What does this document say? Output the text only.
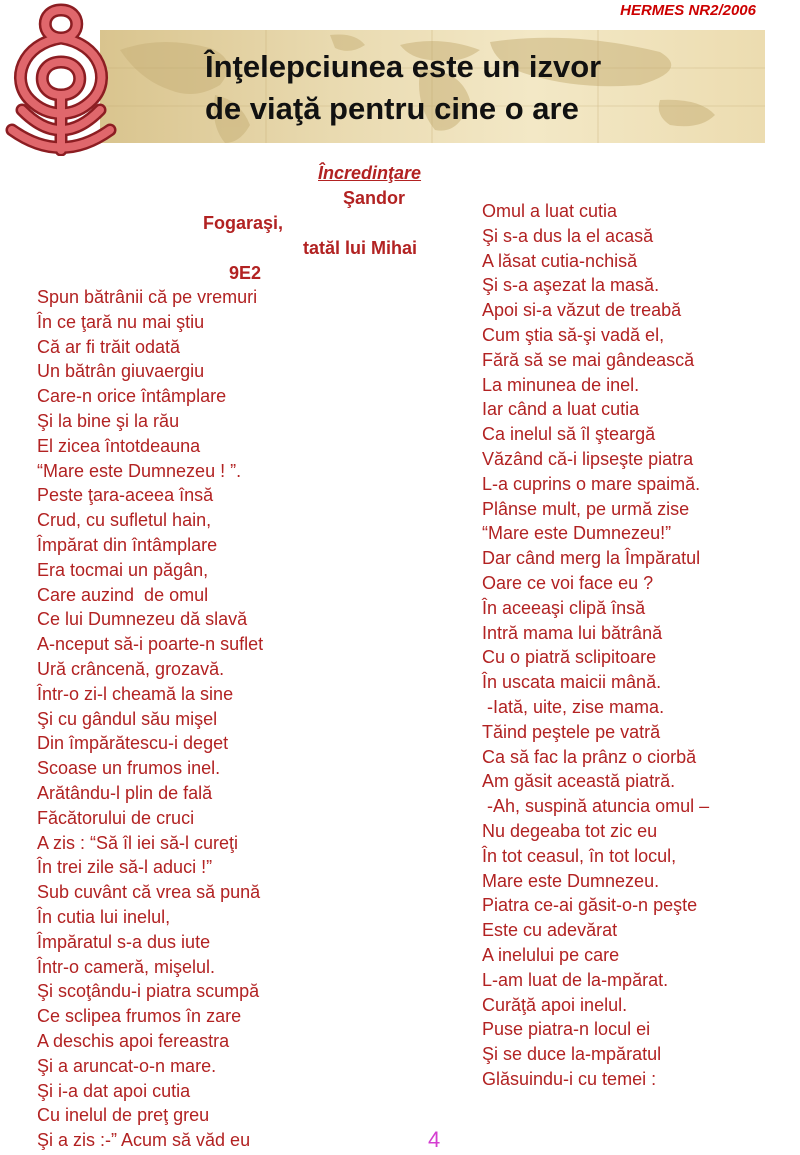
HERMES NR2/2006
Înţelepciunea este un izvor
de viaţă pentru cine o are
Încredinţare
Şandor
Fogaraşi,
tatăl lui Mihai
9E2
Spun bătrânii că pe vremuri
În ce ţară nu mai ştiu
Că ar fi trăit odată
Un bătrân giuvaergiu
Care-n orice întâmplare
Şi la bine şi la rău
El zicea întotdeauna
“Mare este Dumnezeu ! ”.
Peste ţara-aceea însă
Crud, cu sufletul hain,
Împărat din întâmplare
Era tocmai un păgân,
Care auzind  de omul
Ce lui Dumnezeu dă slavă
A-nceput să-i poarte-n suflet
Ură crâncenă, grozavă.
Într-o zi-l cheamă la sine
Şi cu gândul său mişel
Din împărătescu-i deget
Scoase un frumos inel.
Arătându-l plin de fală
Făcătorului de cruci
A zis : “Să îl iei să-l cureţi
În trei zile să-l aduci !”
Sub cuvânt că vrea să pună
În cutia lui inelul,
Împăratul s-a dus iute
Într-o cameră, mişelul.
Şi scoţându-i piatra scumpă
Ce sclipea frumos în zare
A deschis apoi fereastra
Şi a aruncat-o-n mare.
Şi i-a dat apoi cutia
Cu inelul de preţ greu
Şi a zis :-” Acum să văd eu
Omul a luat cutia
Şi s-a dus la el acasă
A lăsat cutia-nchisă
Şi s-a aşezat la masă.
Apoi si-a văzut de treabă
Cum ştia să-şi vadă el,
Fără să se mai gândească
La minunea de inel.
Iar când a luat cutia
Ca inelul să îl şteargă
Văzând că-i lipseşte piatra
L-a cuprins o mare spaimă.
Plânse mult, pe urmă zise
“Mare este Dumnezeu!”
Dar când merg la Împăratul
Oare ce voi face eu ?
În aceeaşi clipă însă
Intră mama lui bătrână
Cu o piatră sclipitoare
În uscata maicii mână.
-Iată, uite, zise mama.
Tăind peştele pe vatră
Ca să fac la prânz o ciorbă
Am găsit această piatră.
-Ah, suspină atuncia omul –
Nu degeaba tot zic eu
În tot ceasul, în tot locul,
Mare este Dumnezeu.
Piatra ce-ai găsit-o-n peşte
Este cu adevărat
A inelului pe care
L-am luat de la-mpărat.
Curăţă apoi inelul.
Puse piatra-n locul ei
Şi se duce la-mpăratul
Glăsuindu-i cu temei :
4
